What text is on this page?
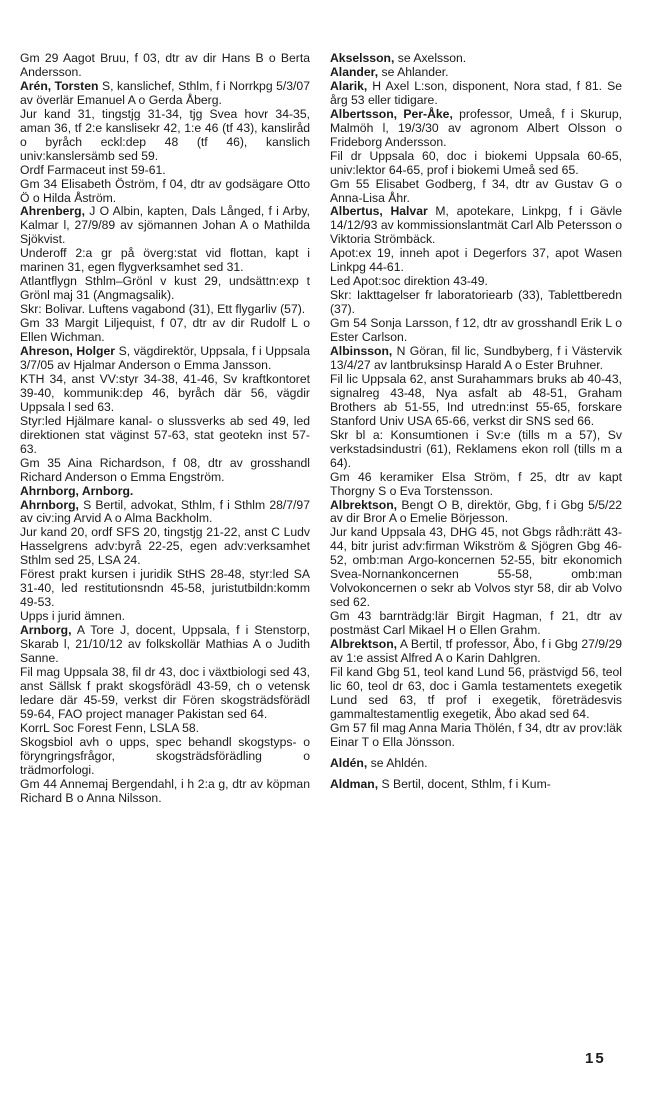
Gm 29 Aagot Bruu, f 03, dtr av dir Hans B o Berta Andersson.
Arén, Torsten S, kanslichef, Sthlm, f i Norrkpg 5/3/07 av överlär Emanuel A o Gerda Åberg.
Jur kand 31, tingstjg 31-34, tjg Svea hovr 34-35, aman 36, tf 2:e kanslisekr 42, 1:e 46 (tf 43), kansliråd o byråch eckl:dep 48 (tf 46), kanslich univ:kanslersämb sed 59.
Ordf Farmaceut inst 59-61.
Gm 34 Elisabeth Öström, f 04, dtr av godsägare Otto Ö o Hilda Åström.
Ahrenberg, J O Albin, kapten, Dals Långed, f i Arby, Kalmar l, 27/9/89 av sjömannen Johan A o Mathilda Sjökvist.
Underoff 2:a gr på överg:stat vid flottan, kapt i marinen 31, egen flygverksamhet sed 31.
Atlantflygn Sthlm–Grönl v kust 29, undsättn:exp t Grönl maj 31 (Angmagsalik).
Skr: Bolivar. Luftens vagabond (31), Ett flygarliv (57).
Gm 33 Margit Liljequist, f 07, dtr av dir Rudolf L o Ellen Wichman.
Ahreson, Holger S, vägdirektör, Uppsala, f i Uppsala 3/7/05 av Hjalmar Anderson o Emma Jansson.
KTH 34, anst VV:styr 34-38, 41-46, Sv kraftkontoret 39-40, kommunik:dep 46, byråch där 56, vägdir Uppsala l sed 63.
Styr:led Hjälmare kanal- o slussverks ab sed 49, led direktionen stat väginst 57-63, stat geotekn inst 57-63.
Gm 35 Aina Richardson, f 08, dtr av grosshandl Richard Anderson o Emma Engström.
Ahrnborg, Arnborg.
Ahrnborg, S Bertil, advokat, Sthlm, f i Sthlm 28/7/97 av civ:ing Arvid A o Alma Backholm.
Jur kand 20, ordf SFS 20, tingstjg 21-22, anst C Ludv Hasselgrens adv:byrå 22-25, egen adv:verksamhet Sthlm sed 25, LSA 24.
Förest prakt kursen i juridik StHS 28-48, styr:led SA 31-40, led restitutionsndn 45-58, juristutbildn:komm 49-53.
Upps i jurid ämnen.
Arnborg, A Tore J, docent, Uppsala, f i Stenstorp, Skarab l, 21/10/12 av folkskollär Mathias A o Judith Sanne.
Fil mag Uppsala 38, fil dr 43, doc i växtbiologi sed 43, anst Sällsk f prakt skogsförädl 43-59, ch o vetensk ledare där 45-59, verkst dir Fören skogsträdsförädl 59-64, FAO project manager Pakistan sed 64.
KorrL Soc Forest Fenn, LSLA 58.
Skogsbiol avh o upps, spec behandl skogstyps- o föryngringsfrågor, skogsträdsförädling o trädmorfologi.
Gm 44 Annemaj Bergendahl, i h 2:a g, dtr av köpman Richard B o Anna Nilsson.
Akselsson, se Axelsson.
Alander, se Ahlander.
Alarik, H Axel L:son, disponent, Nora stad, f 81. Se årg 53 eller tidigare.
Albertsson, Per-Åke, professor, Umeå, f i Skurup, Malmöh l, 19/3/30 av agronom Albert Olsson o Frideborg Andersson.
Fil dr Uppsala 60, doc i biokemi Uppsala 60-65, univ:lektor 64-65, prof i biokemi Umeå sed 65.
Gm 55 Elisabet Godberg, f 34, dtr av Gustav G o Anna-Lisa Åhr.
Albertus, Halvar M, apotekare, Linkpg, f i Gävle 14/12/93 av kommissionslantmät Carl Alb Petersson o Viktoria Strömbäck.
Apot:ex 19, inneh apot i Degerfors 37, apot Wasen Linkpg 44-61.
Led Apot:soc direktion 43-49.
Skr: Iakttagelser fr laboratoriearb (33), Tablettberedn (37).
Gm 54 Sonja Larsson, f 12, dtr av grosshandl Erik L o Ester Carlson.
Albinsson, N Göran, fil lic, Sundbyberg, f i Västervik 13/4/27 av lantbruksinsp Harald A o Ester Bruhner.
Fil lic Uppsala 62, anst Surahammars bruks ab 40-43, signalreg 43-48, Nya asfalt ab 48-51, Graham Brothers ab 51-55, Ind utredn:inst 55-65, forskare Stanford Univ USA 65-66, verkst dir SNS sed 66.
Skr bl a: Konsumtionen i Sv:e (tills m a 57), Sv verkstadsindustri (61), Reklamens ekon roll (tills m a 64).
Gm 46 keramiker Elsa Ström, f 25, dtr av kapt Thorgny S o Eva Torstensson.
Albrektson, Bengt O B, direktör, Gbg, f i Gbg 5/5/22 av dir Bror A o Emelie Börjesson.
Jur kand Uppsala 43, DHG 45, not Gbgs rådh:rätt 43-44, bitr jurist adv:firman Wikström & Sjögren Gbg 46-52, omb:man Argo-koncernen 52-55, bitr ekonomich Svea-Nornankoncernen 55-58, omb:man Volvokoncernen o sekr ab Volvos styr 58, dir ab Volvo sed 62.
Gm 43 barnträdg:lär Birgit Hagman, f 21, dtr av postmäst Carl Mikael H o Ellen Grahm.
Albrektson, A Bertil, tf professor, Åbo, f i Gbg 27/9/29 av 1:e assist Alfred A o Karin Dahlgren.
Fil kand Gbg 51, teol kand Lund 56, prästvigd 56, teol lic 60, teol dr 63, doc i Gamla testamentets exegetik Lund sed 63, tf prof i exegetik, företrädesvis gammaltestamentlig exegetik, Åbo akad sed 64.
Gm 57 fil mag Anna Maria Thölén, f 34, dtr av prov:läk Einar T o Ella Jönsson.
Aldén, se Ahldén.
Aldman, S Bertil, docent, Sthlm, f i Kum-
15
